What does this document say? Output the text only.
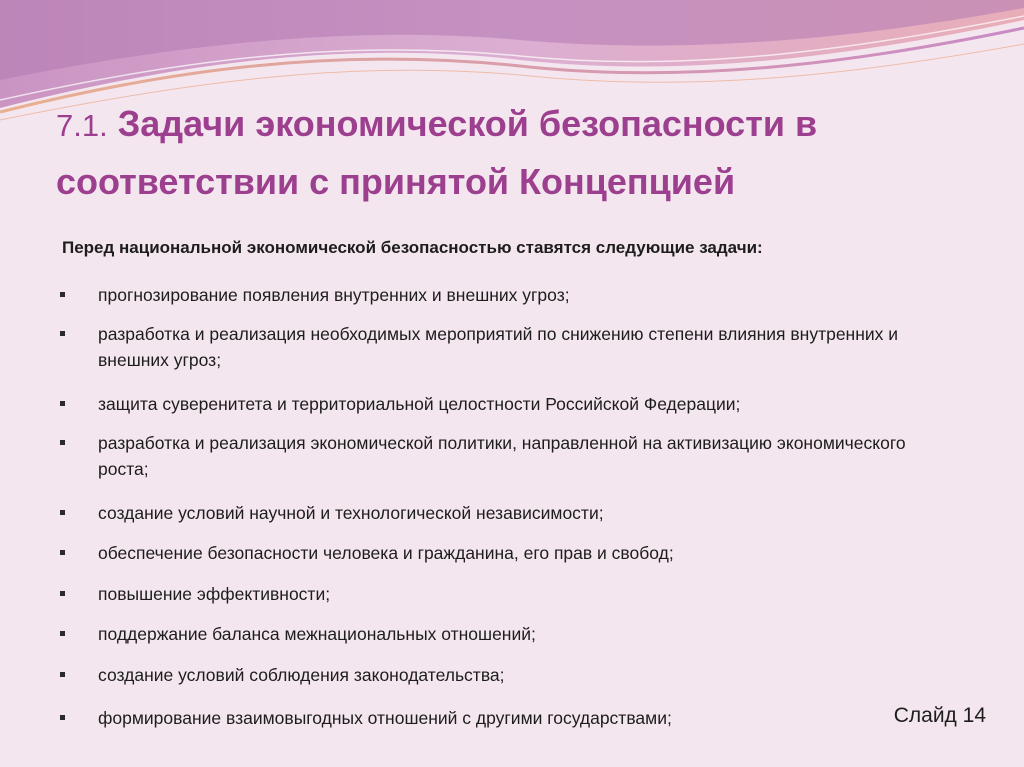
7.1. Задачи экономической безопасности в соответствии с принятой Концепцией

Перед национальной экономической безопасностью ставятся следующие задачи:

прогнозирование появления внутренних и внешних угроз;
разработка и реализация необходимых мероприятий по снижению степени влияния внутренних и внешних угроз;
защита суверенитета и территориальной целостности Российской Федерации;
разработка и реализация экономической политики, направленной на активизацию экономического роста;
создание условий научной и технологической независимости;
обеспечение безопасности человека и гражданина, его прав и свобод;
повышение эффективности;
поддержание баланса межнациональных отношений;
создание условий соблюдения законодательства;
формирование взаимовыгодных отношений с другими государствами;	Слайд 14
